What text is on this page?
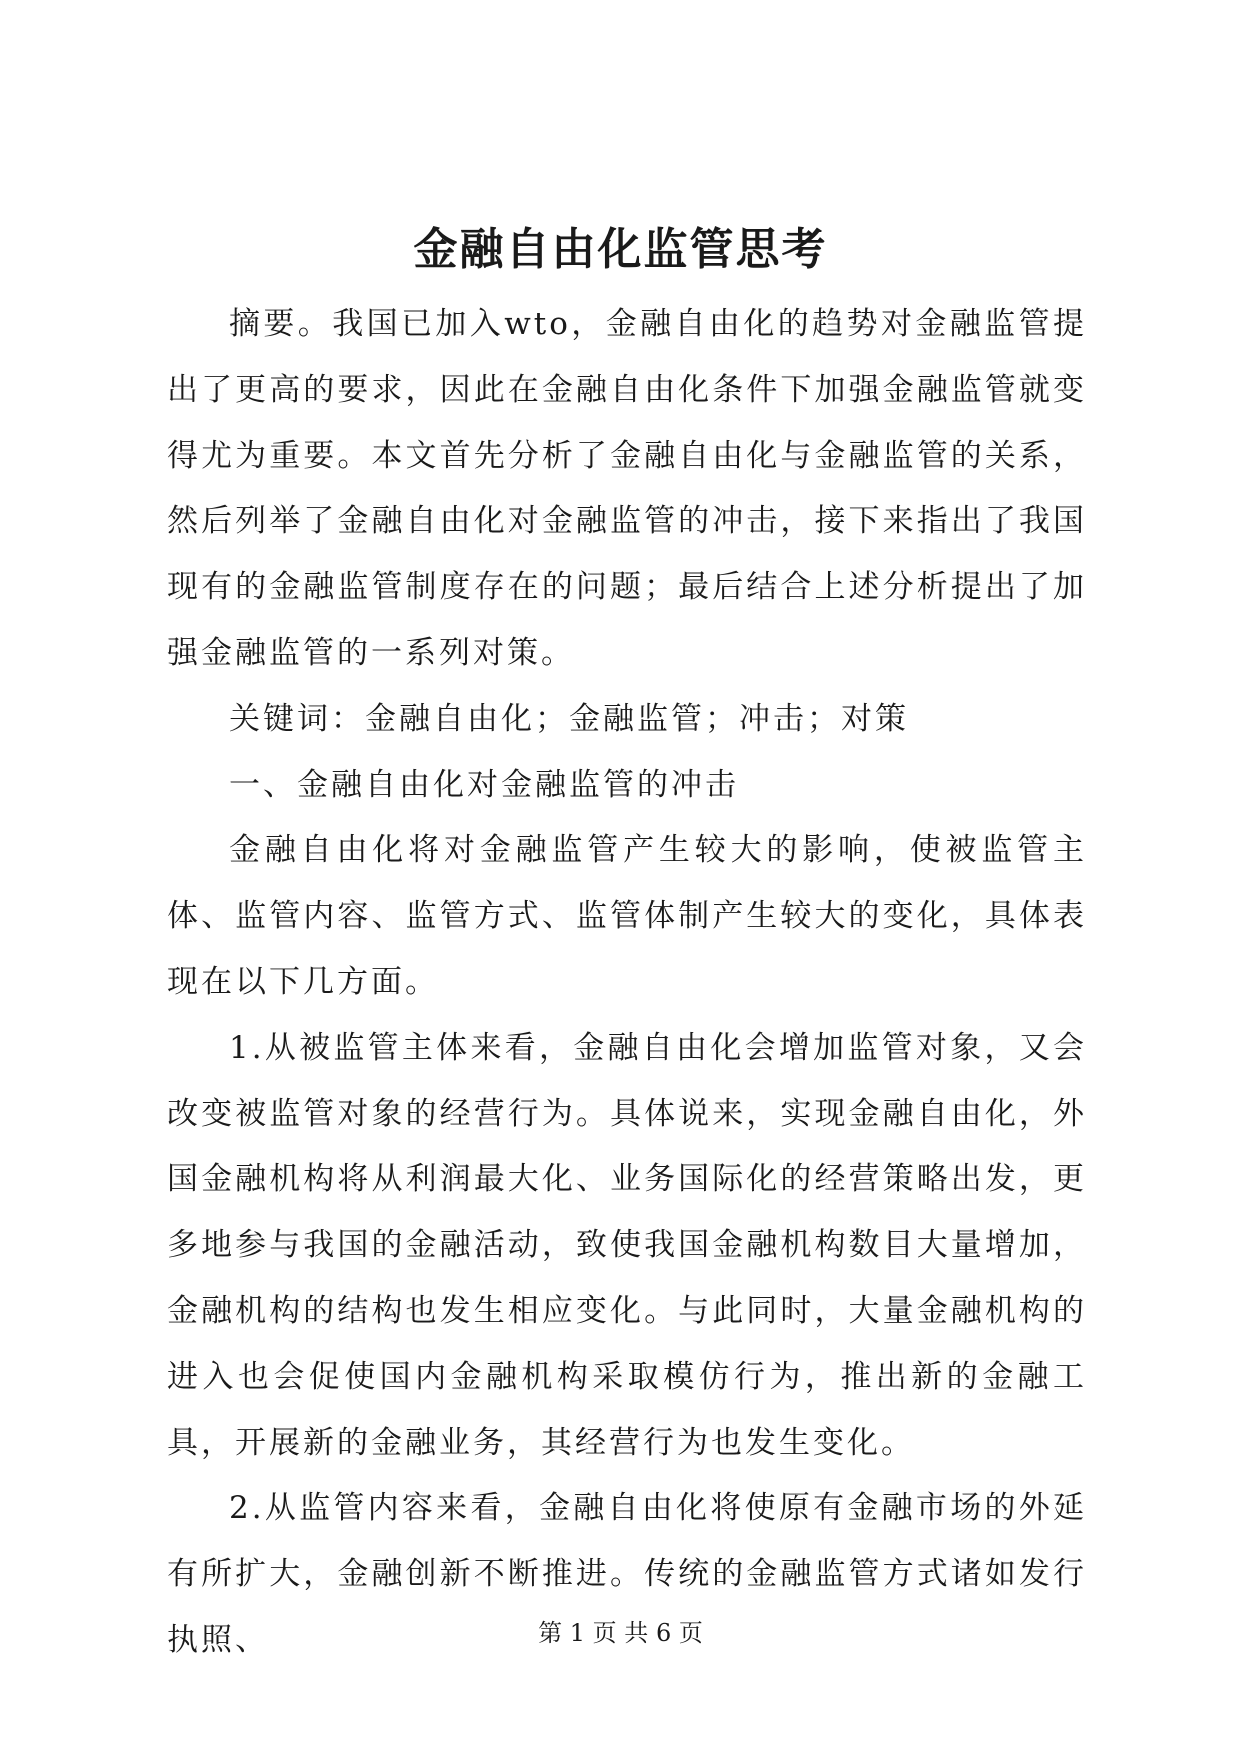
金融自由化监管思考

摘要。我国已加入wto，金融自由化的趋势对金融监管提出了更高的要求，因此在金融自由化条件下加强金融监管就变得尤为重要。本文首先分析了金融自由化与金融监管的关系，然后列举了金融自由化对金融监管的冲击，接下来指出了我国现有的金融监管制度存在的问题；最后结合上述分析提出了加强金融监管的一系列对策。

关键词：金融自由化；金融监管；冲击；对策

一、金融自由化对金融监管的冲击

金融自由化将对金融监管产生较大的影响，使被监管主体、监管内容、监管方式、监管体制产生较大的变化，具体表现在以下几方面。

1.从被监管主体来看，金融自由化会增加监管对象，又会改变被监管对象的经营行为。具体说来，实现金融自由化，外国金融机构将从利润最大化、业务国际化的经营策略出发，更多地参与我国的金融活动，致使我国金融机构数目大量增加，金融机构的结构也发生相应变化。与此同时，大量金融机构的进入也会促使国内金融机构采取模仿行为，推出新的金融工具，开展新的金融业务，其经营行为也发生变化。

2.从监管内容来看，金融自由化将使原有金融市场的外延有所扩大，金融创新不断推进。传统的金融监管方式诸如发行执照、	第 1 页 共 6 页
